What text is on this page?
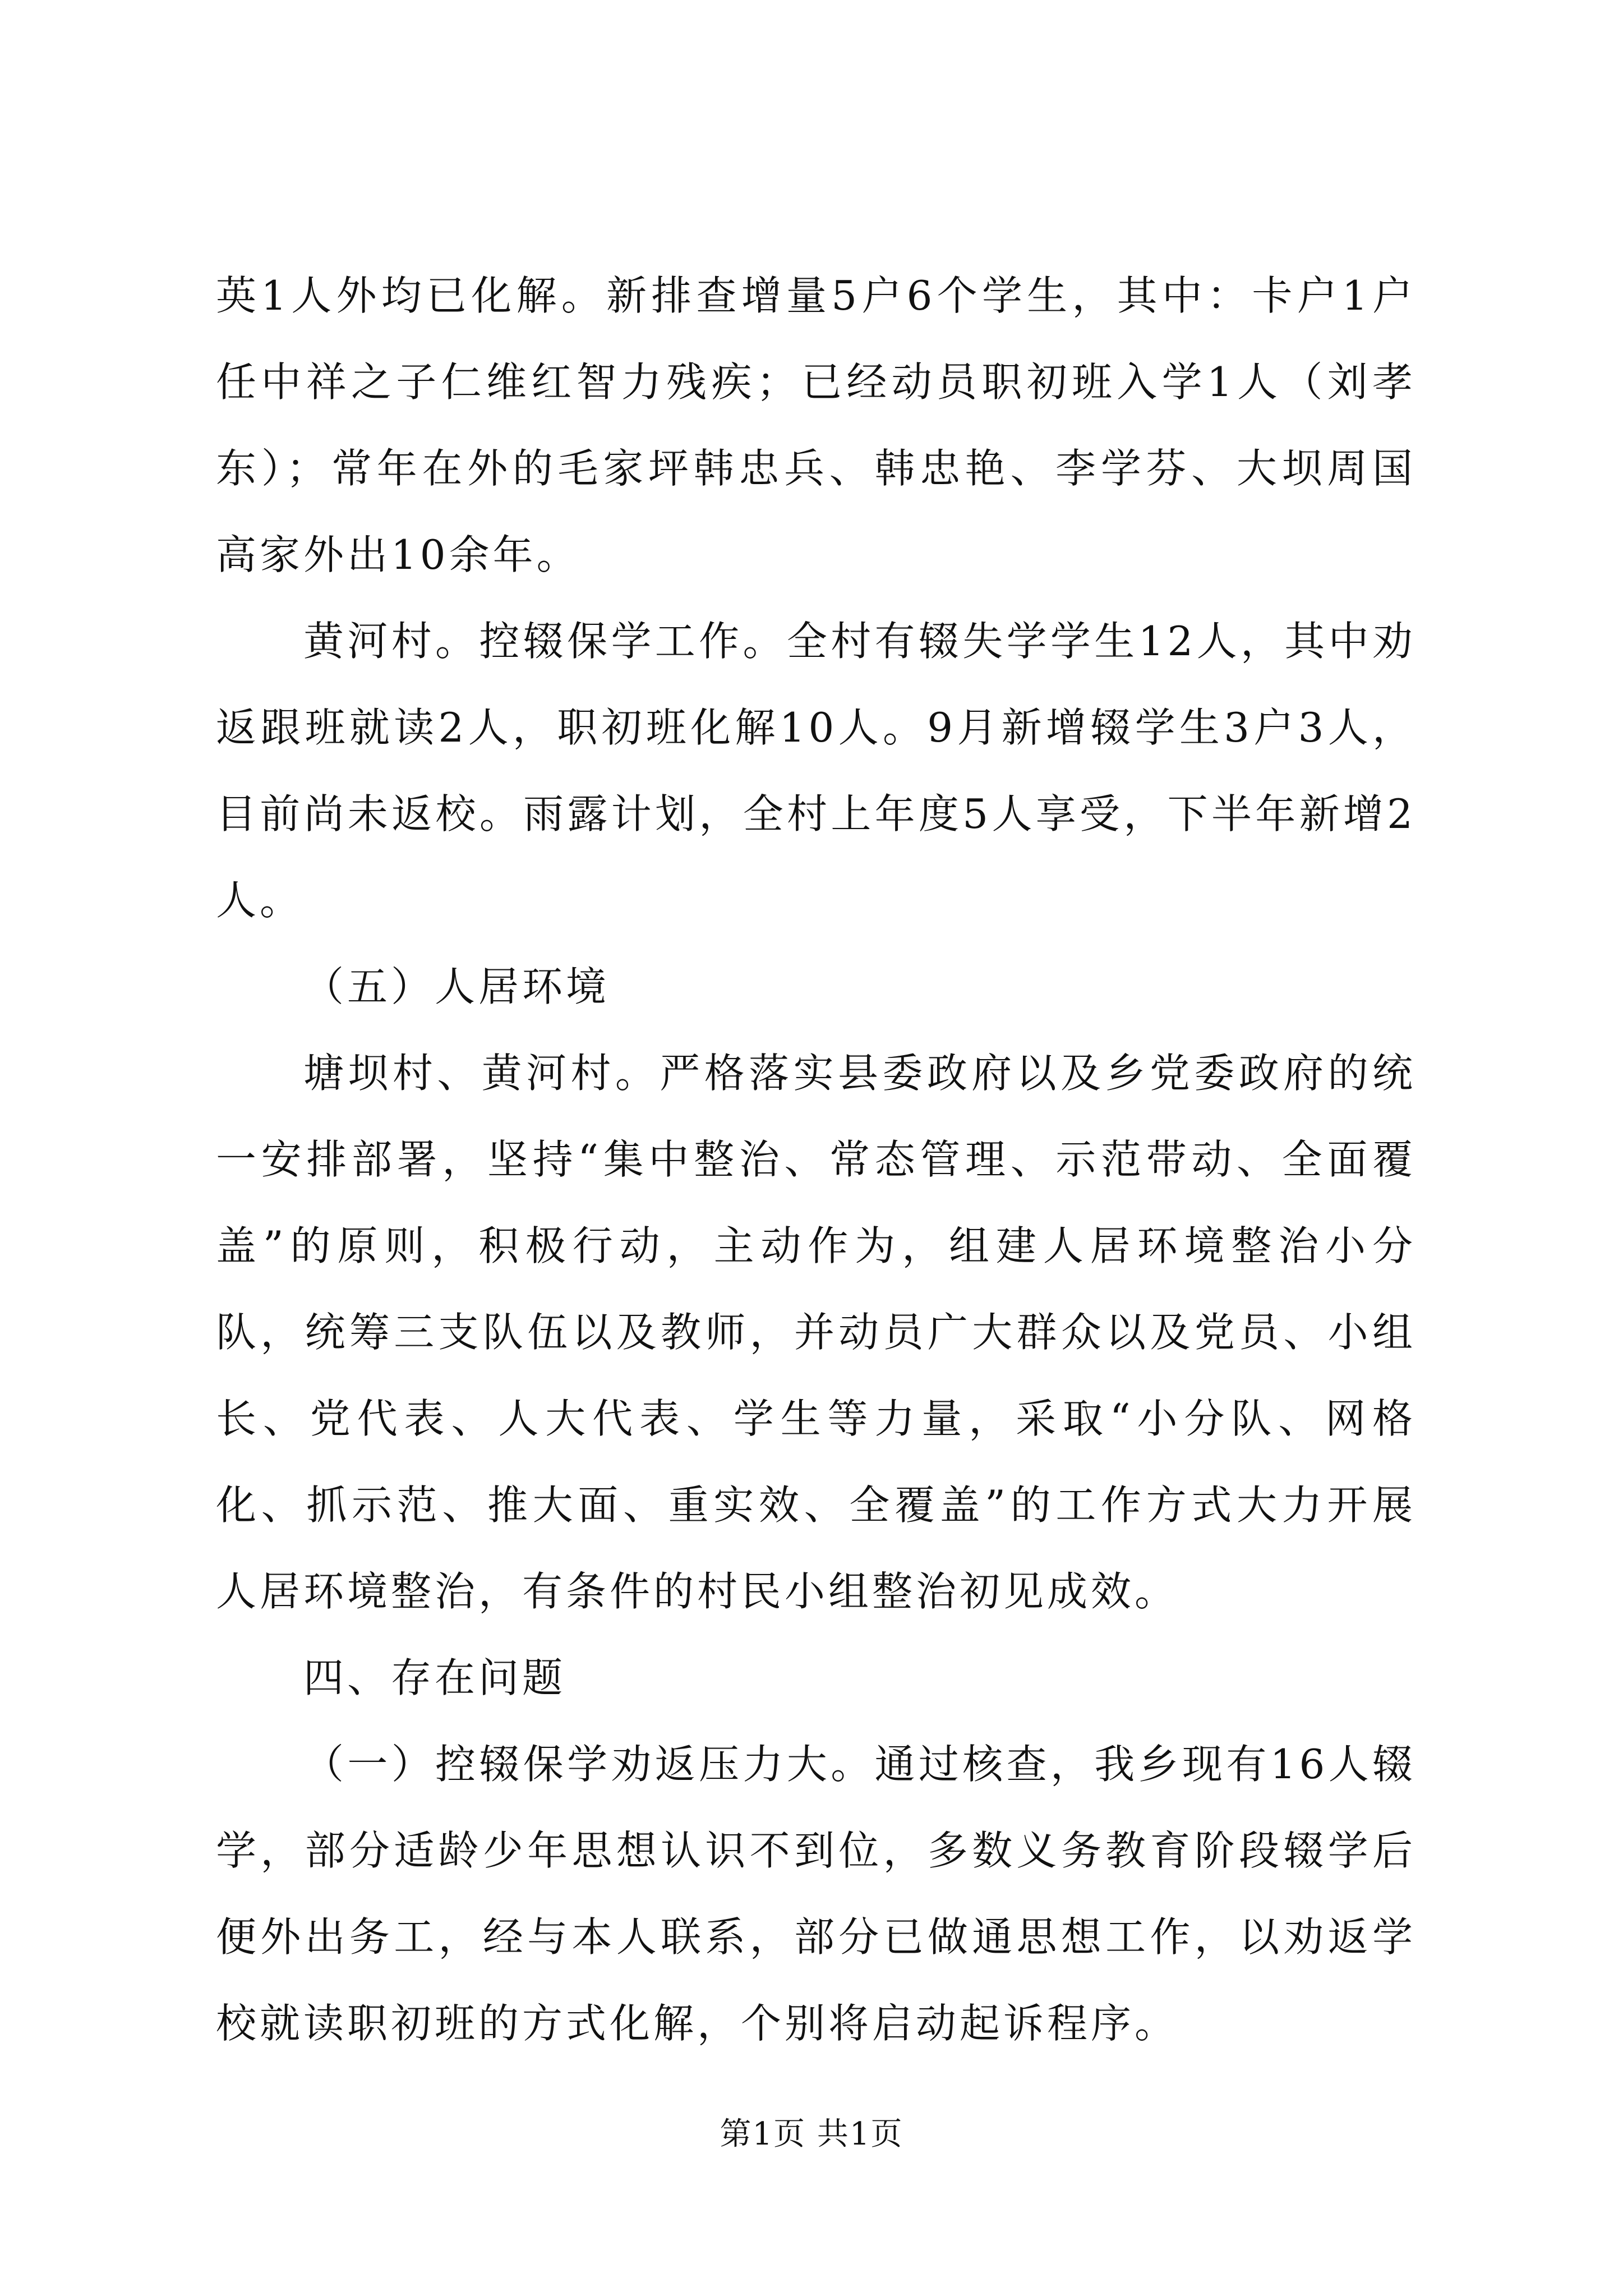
英1人外均已化解。新排查增量5户6个学生，其中：卡户1户任中祥之子仁维红智力残疾；已经动员职初班入学1人（刘孝东）；常年在外的毛家坪韩忠兵、韩忠艳、李学芬、大坝周国高家外出10余年。

黄河村。控辍保学工作。全村有辍失学学生12人，其中劝返跟班就读2人，职初班化解10人。9月新增辍学生3户3人，目前尚未返校。雨露计划，全村上年度5人享受，下半年新增2人。

（五）人居环境

塘坝村、黄河村。严格落实县委政府以及乡党委政府的统一安排部署，坚持“集中整治、常态管理、示范带动、全面覆盖”的原则，积极行动，主动作为，组建人居环境整治小分队，统筹三支队伍以及教师，并动员广大群众以及党员、小组长、党代表、人大代表、学生等力量，采取“小分队、网格化、抓示范、推大面、重实效、全覆盖”的工作方式大力开展人居环境整治，有条件的村民小组整治初见成效。

四、存在问题

（一）控辍保学劝返压力大。通过核查，我乡现有16人辍学，部分适龄少年思想认识不到位，多数义务教育阶段辍学后便外出务工，经与本人联系，部分已做通思想工作，以劝返学校就读职初班的方式化解，个别将启动起诉程序。

第1页 共1页
